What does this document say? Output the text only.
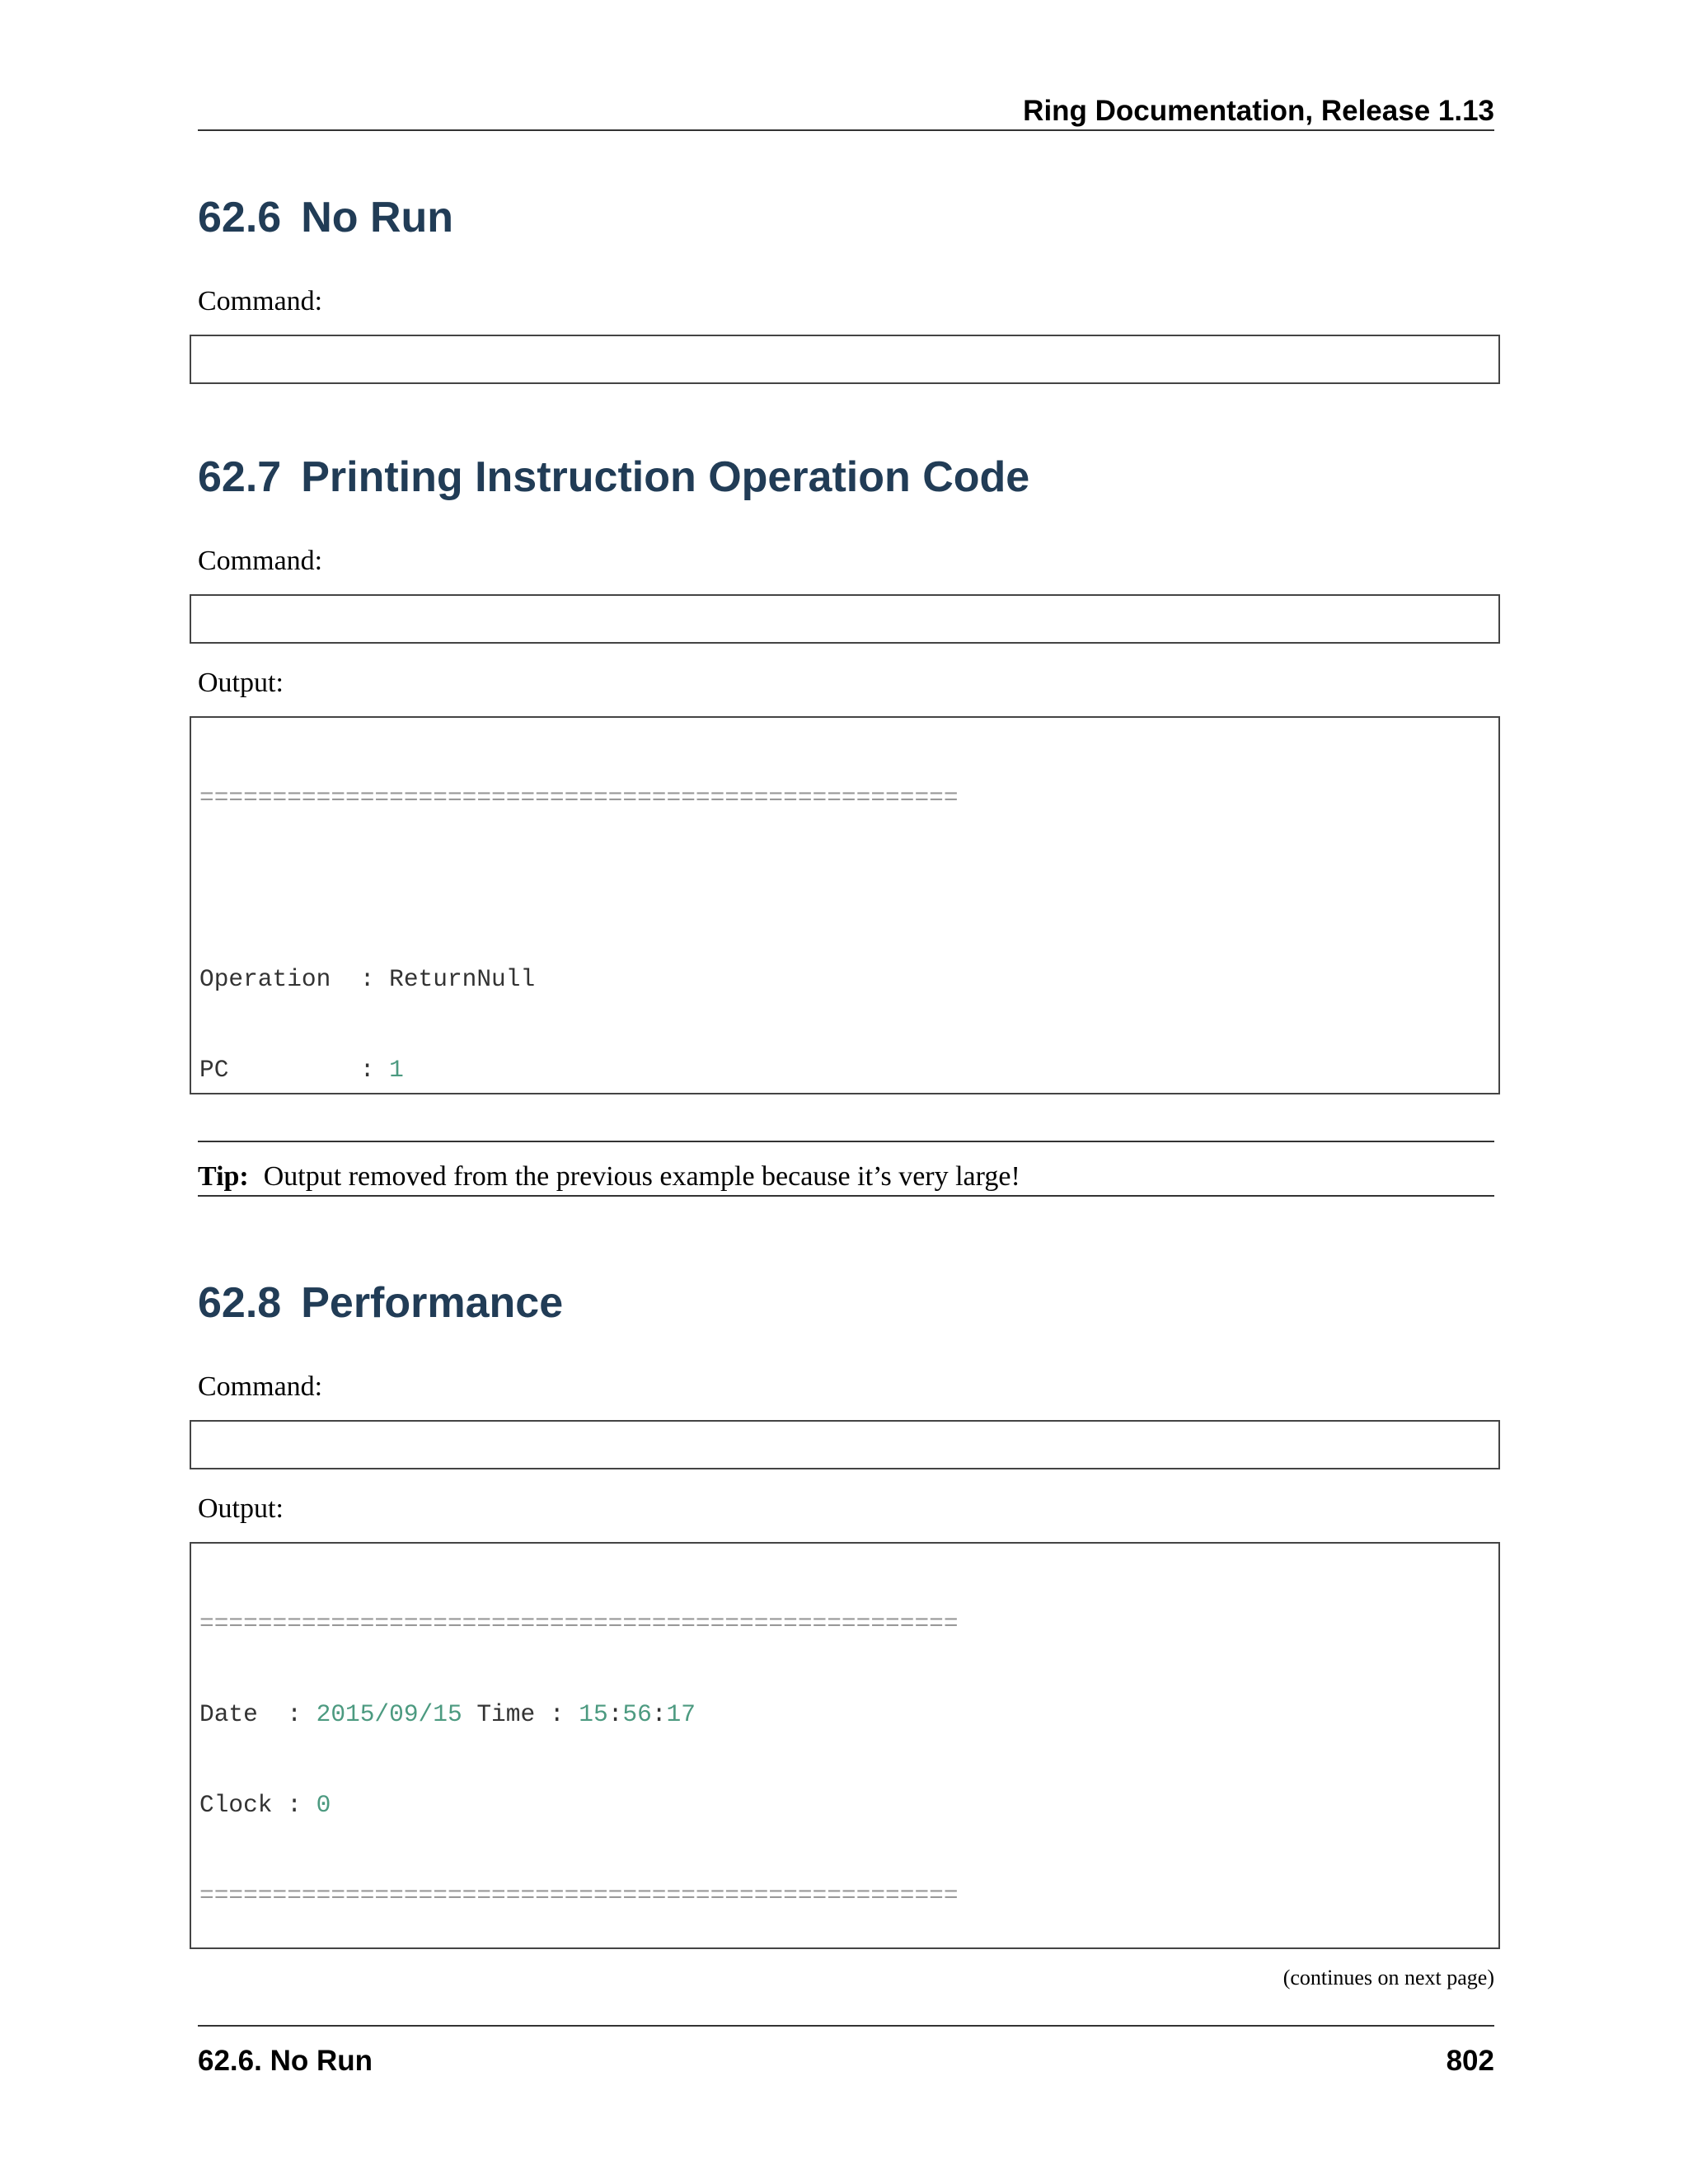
Ring Documentation, Release 1.13
62.6 No Run
Command:

62.7 Printing Instruction Operation Code
Command:

Output:

====================================================

Operation  : ReturnNull

PC         : 1

Tip: Output removed from the previous example because it’s very large!
62.8 Performance
Command:

Output:

====================================================

Date  : 2015/09/15 Time : 15:56:17

Clock : 0

====================================================

(continues on next page)
62.6. No Run	802
